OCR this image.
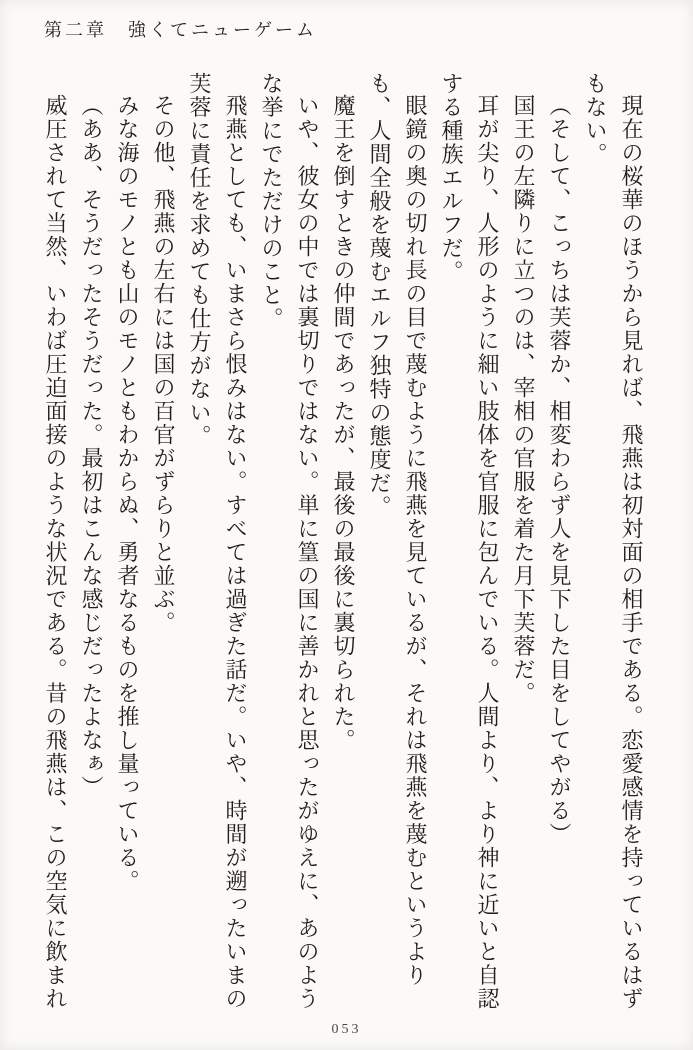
第二章　強くてニューゲーム

現在の桜華のほうから見れば、飛燕は初対面の相手である。恋愛感情を持っているはずもない。

（そして、こっちは芙蓉か、相変わらず人を見下した目をしてやがる）

国王の左隣りに立つのは、宰相の官服を着た月下芙蓉だ。

耳が尖り、人形のように細い肢体を官服に包んでいる。人間より、より神に近いと自認する種族エルフだ。

眼鏡の奥の切れ長の目で蔑むように飛燕を見ているが、それは飛燕を蔑むというよりも、人間全般を蔑むエルフ独特の態度だ。

魔王を倒すときの仲間であったが、最後の最後に裏切られた。

いや、彼女の中では裏切りではない。単に篁の国に善かれと思ったがゆえに、あのような挙にでただけのこと。

飛燕としても、いまさら恨みはない。すべては過ぎた話だ。いや、時間が遡ったいまの芙蓉に責任を求めても仕方がない。

その他、飛燕の左右には国の百官がずらりと並ぶ。

みな海のモノとも山のモノともわからぬ、勇者なるものを推し量っている。

（ああ、そうだったそうだった。最初はこんな感じだったよなぁ）

威圧されて当然、いわば圧迫面接のような状況である。昔の飛燕は、この空気に飲まれ

053
